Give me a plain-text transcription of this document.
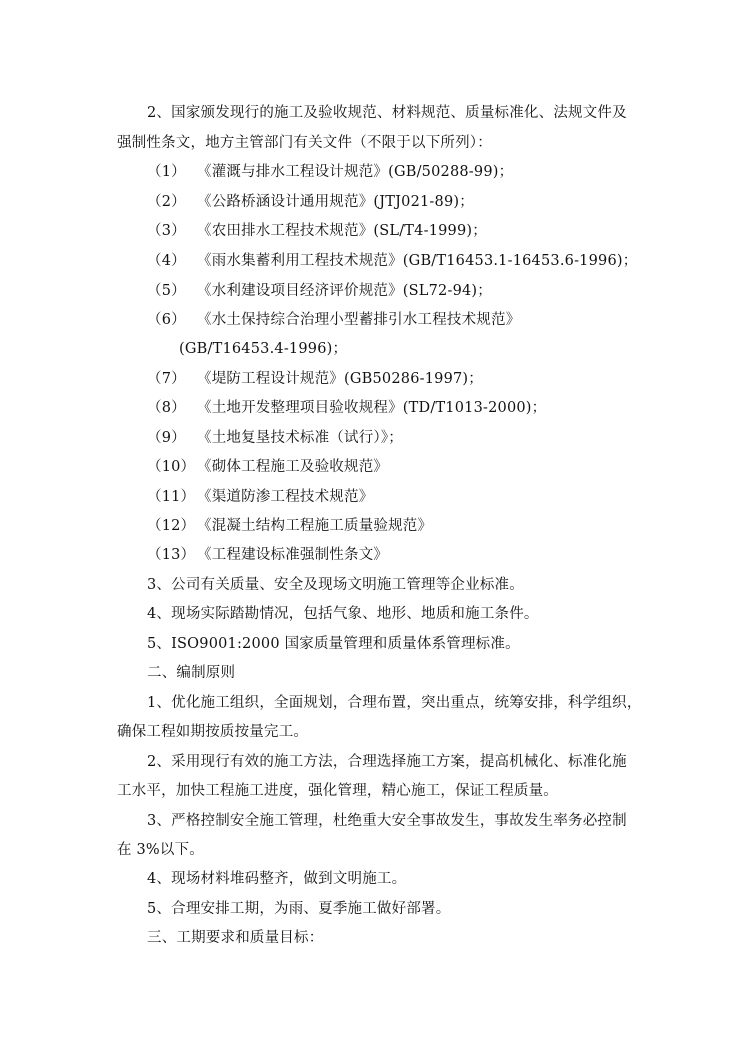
2、国家颁发现行的施工及验收规范、材料规范、质量标准化、法规文件及
强制性条文，地方主管部门有关文件（不限于以下所列）：
（1） 《灌溉与排水工程设计规范》(GB/50288-99)；
（2） 《公路桥涵设计通用规范》(JTJ021-89)；
（3） 《农田排水工程技术规范》(SL/T4-1999)；
（4） 《雨水集蓄利用工程技术规范》(GB/T16453.1-16453.6-1996)；
（5） 《水利建设项目经济评价规范》(SL72-94)；
（6） 《水土保持综合治理小型蓄排引水工程技术规范》
(GB/T16453.4-1996)；
（7） 《堤防工程设计规范》(GB50286-1997)；
（8） 《土地开发整理项目验收规程》(TD/T1013-2000)；
（9） 《土地复垦技术标准（试行）》；
（10） 《砌体工程施工及验收规范》
（11） 《渠道防渗工程技术规范》
（12） 《混凝土结构工程施工质量验规范》
（13） 《工程建设标准强制性条文》
3、公司有关质量、安全及现场文明施工管理等企业标准。
4、现场实际踏勘情况，包括气象、地形、地质和施工条件。
5、ISO9001:2000 国家质量管理和质量体系管理标准。
二、编制原则
1、优化施工组织，全面规划，合理布置，突出重点，统筹安排，科学组织，
确保工程如期按质按量完工。
2、采用现行有效的施工方法，合理选择施工方案，提高机械化、标准化施
工水平，加快工程施工进度，强化管理，精心施工，保证工程质量。
3、严格控制安全施工管理，杜绝重大安全事故发生，事故发生率务必控制
在 3%以下。
4、现场材料堆码整齐，做到文明施工。
5、合理安排工期，为雨、夏季施工做好部署。
三、工期要求和质量目标：
